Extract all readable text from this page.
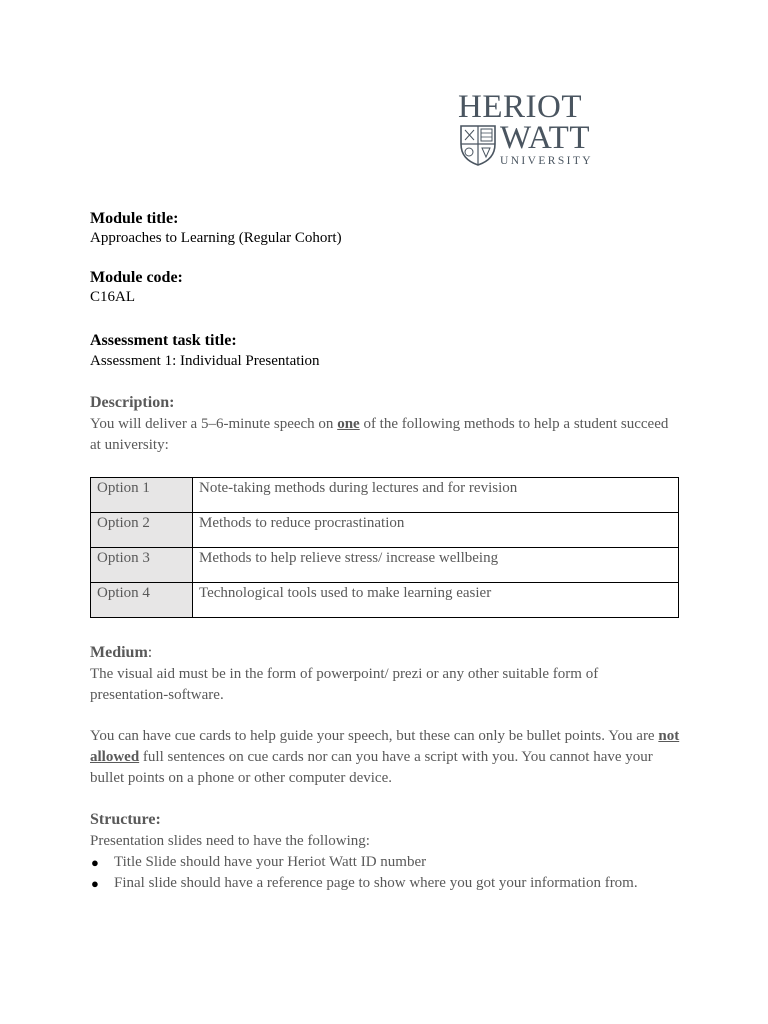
HERIOT
WATT
UNIVERSITY
Module title:
Approaches to Learning (Regular Cohort)
Module code:
C16AL
Assessment task title:
Assessment 1: Individual Presentation
Description:
You will deliver a 5–6-minute speech on one of the following methods to help a student succeed at university:
Option 1	Note-taking methods during lectures and for revision
Option 2	Methods to reduce procrastination
Option 3	Methods to help relieve stress/ increase wellbeing
Option 4	Technological tools used to make learning easier
Medium:
The visual aid must be in the form of powerpoint/ prezi or any other suitable form of presentation-software.
You can have cue cards to help guide your speech, but these can only be bullet points. You are not allowed full sentences on cue cards nor can you have a script with you. You cannot have your bullet points on a phone or other computer device.
Structure:
Presentation slides need to have the following:
● Title Slide should have your Heriot Watt ID number
● Final slide should have a reference page to show where you got your information from.
